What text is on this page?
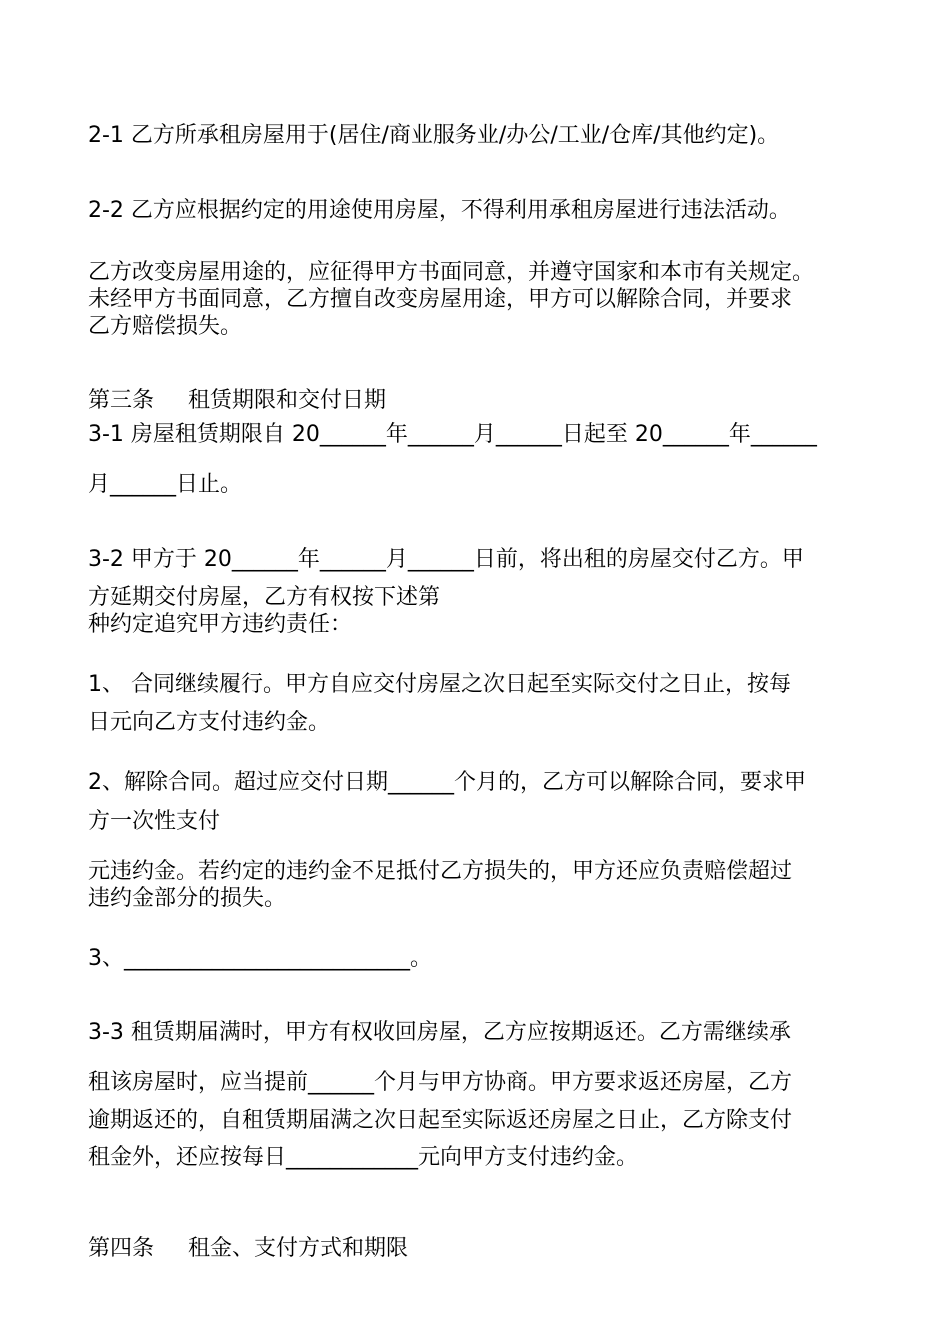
2-1 乙方所承租房屋用于(居住/商业服务业/办公/工业/仓库/其他约定)。

2-2 乙方应根据约定的用途使用房屋，不得利用承租房屋进行违法活动。

乙方改变房屋用途的，应征得甲方书面同意，并遵守国家和本市有关规定。

未经甲方书面同意，乙方擅自改变房屋用途，甲方可以解除合同，并要求

乙方赔偿损失。

第三条 租赁期限和交付日期

3-1 房屋租赁期限自 20______年______月______日起至 20______年______

月______日止。

3-2 甲方于 20______年______月______日前，将出租的房屋交付乙方。甲

方延期交付房屋，乙方有权按下述第

种约定追究甲方违约责任：

1、 合同继续履行。甲方自应交付房屋之次日起至实际交付之日止，按每

日元向乙方支付违约金。

2、解除合同。超过应交付日期______个月的，乙方可以解除合同，要求甲

方一次性支付

元违约金。若约定的违约金不足抵付乙方损失的，甲方还应负责赔偿超过

违约金部分的损失。

3、__________________________。

3-3 租赁期届满时，甲方有权收回房屋，乙方应按期返还。乙方需继续承

租该房屋时，应当提前______个月与甲方协商。甲方要求返还房屋，乙方

逾期返还的，自租赁期届满之次日起至实际返还房屋之日止，乙方除支付

租金外，还应按每日____________元向甲方支付违约金。

第四条 租金、支付方式和期限
